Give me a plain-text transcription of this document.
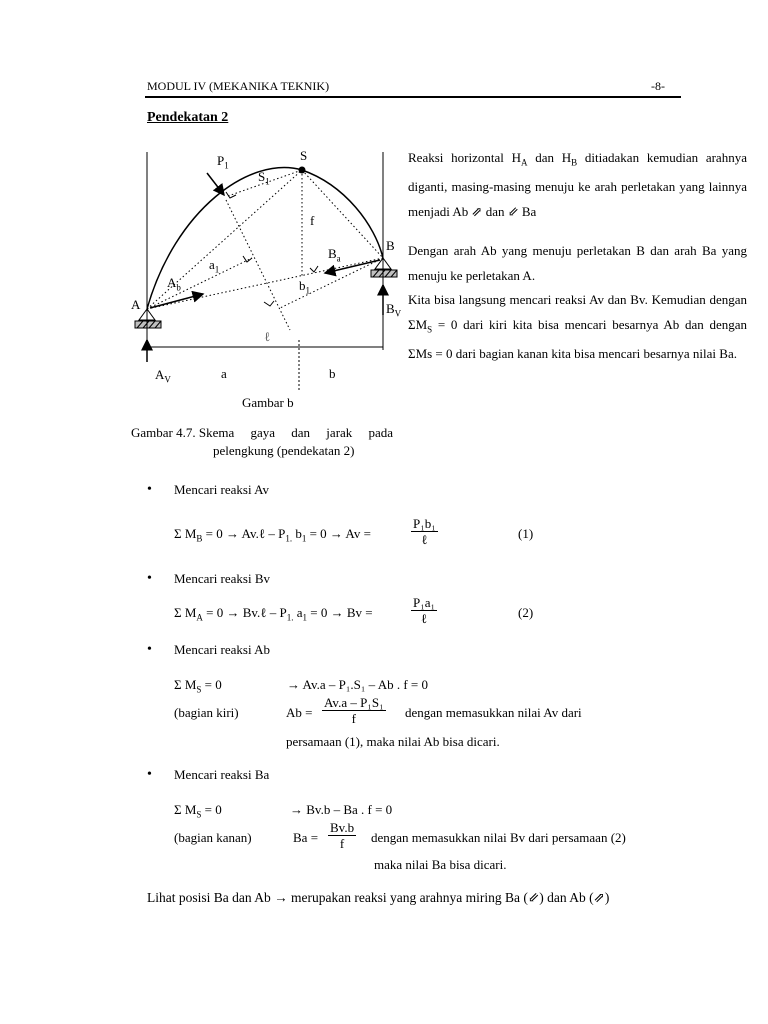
MODUL IV (MEKANIKA TEKNIK)	-8-
Pendekatan 2
$P_1$
S
$S_1$
f
B
$B_a$
$a_1$
$A_b$	$b_1$
A	$B_V$
ℓ
$A_V$	a	b
Gambar b
Reaksi horizontal $H_A$ dan $H_B$ ditiadakan kemudian arahnya diganti, masing-masing menuju ke arah perletakan yang lainnya menjadi Ab ⇗ dan ⇙ Ba
Dengan arah Ab yang menuju perletakan B dan arah Ba yang menuju ke perletakan A.
Kita bisa langsung mencari reaksi Av dan Bv. Kemudian dengan $\Sigma M_S = 0$ dari kiri kita bisa mencari besarnya Ab dan dengan ΣMs = 0 dari bagian kanan kita bisa mencari besarnya nilai Ba.
Gambar 4.7. Skema     gaya     dan     jarak     pada
pelengkung (pendekatan 2)
• Mencari reaksi Av
Σ $M_B = 0$ → Av.ℓ – $P_{1.}$ $b_1 = 0 \to Av$ =
P₁b₁
ℓ	(1)
• Mencari reaksi Bv
Σ $M_A = 0$ → Bv.ℓ – $P_{1.}$ $a_1 = 0 \to Bv$ =
P₁a₁
ℓ	(2)
• Mencari reaksi Ab
Σ $M_S = 0$	→ Av.a – P₁.S₁ – Ab . f = 0
(bagian kiri)	$Ab = \frac{\text{Av.a – P₁S₁}}{f}$ dengan memasukkan nilai Av dari
persamaan (1), maka nilai Ab bisa dicari.
• Mencari reaksi Ba
Σ $M_S = 0$	→ Bv.b – Ba . f = 0
(bagian kanan)	$Ba = \frac{Bv.b}{f}$ dengan memasukkan nilai Bv dari persamaan (2)
maka nilai Ba bisa dicari.
Lihat posisi Ba dan Ab → merupakan reaksi yang arahnya miring Ba (⇙) dan Ab (⇗)
